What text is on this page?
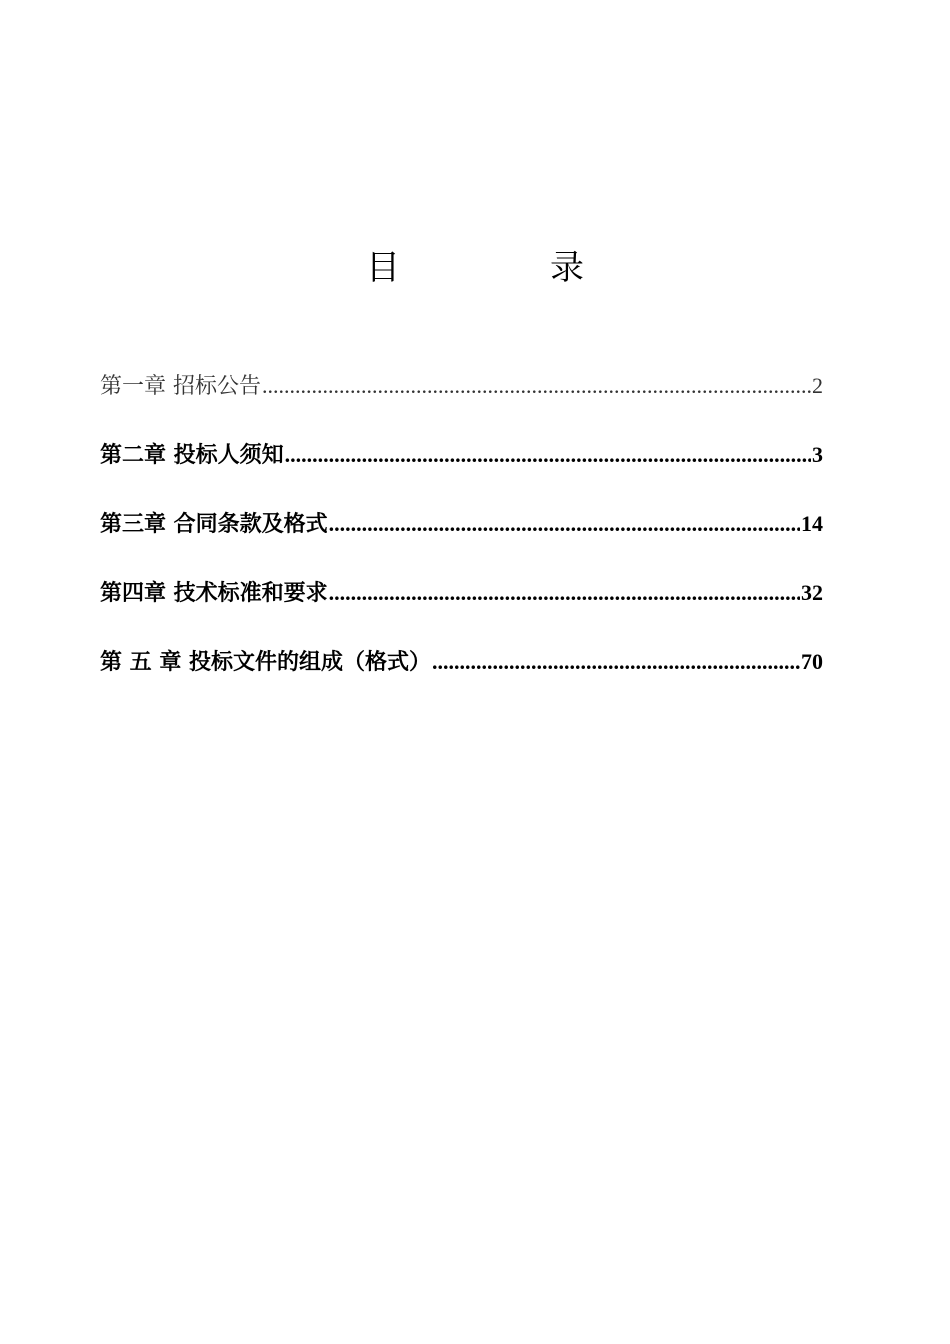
目　录
第一章 招标公告 .....	2
第二章 投标人须知 .....	3
第三章 合同条款及格式 .....	14
第四章 技术标准和要求 .....	32
第 五 章 投标文件的组成（格式） .....	70
